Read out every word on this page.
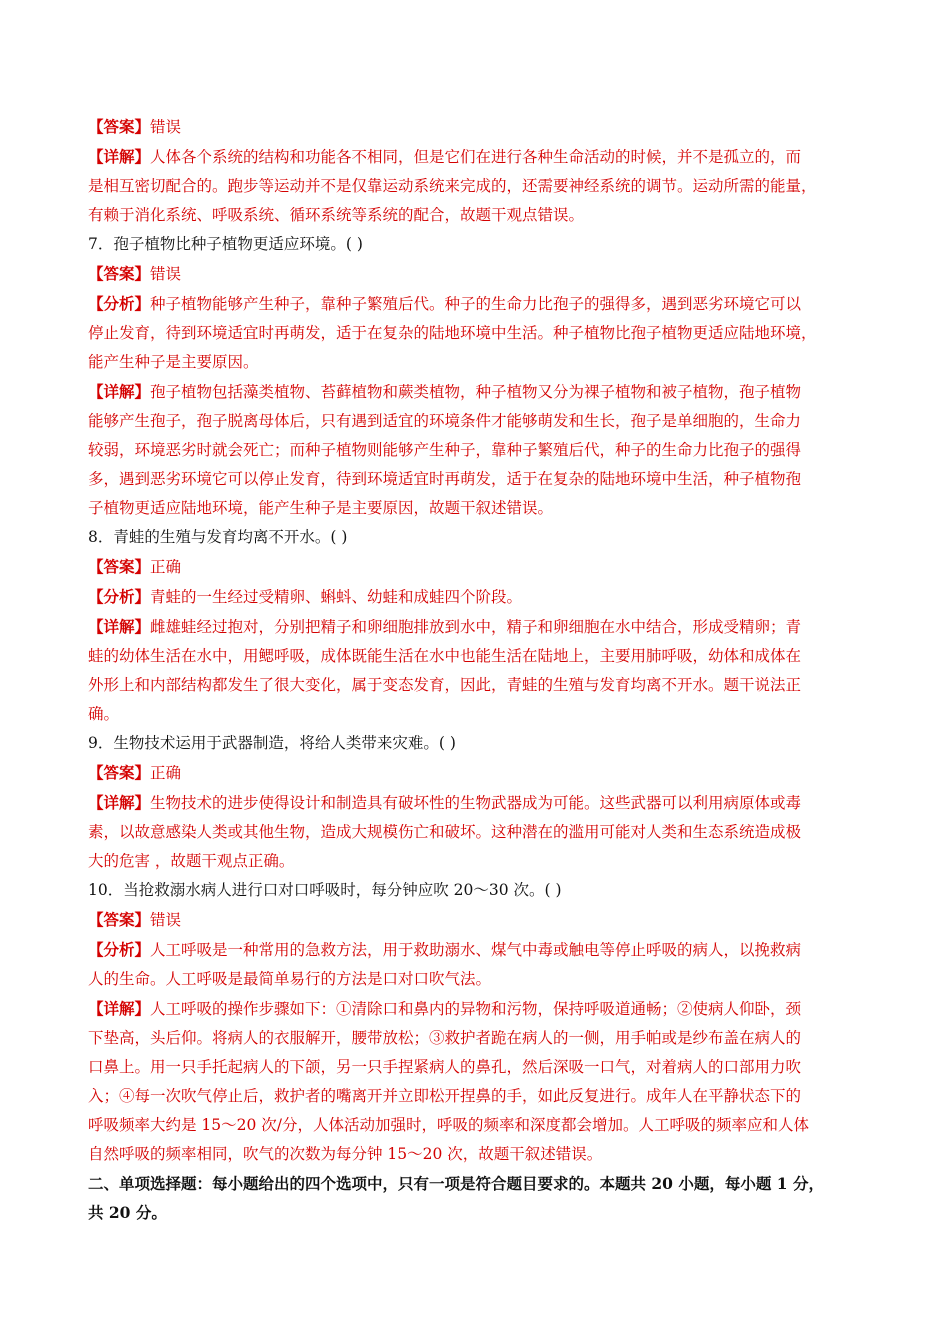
【答案】错误
【详解】人体各个系统的结构和功能各不相同，但是它们在进行各种生命活动的时候，并不是孤立的，而
是相互密切配合的。跑步等运动并不是仅靠运动系统来完成的，还需要神经系统的调节。运动所需的能量，
有赖于消化系统、呼吸系统、循环系统等系统的配合，故题干观点错误。
7．孢子植物比种子植物更适应环境。( )
【答案】错误
【分析】种子植物能够产生种子，靠种子繁殖后代。种子的生命力比孢子的强得多，遇到恶劣环境它可以
停止发育，待到环境适宜时再萌发，适于在复杂的陆地环境中生活。种子植物比孢子植物更适应陆地环境，
能产生种子是主要原因。
【详解】孢子植物包括藻类植物、苔藓植物和蕨类植物，种子植物又分为裸子植物和被子植物，孢子植物
能够产生孢子，孢子脱离母体后，只有遇到适宜的环境条件才能够萌发和生长，孢子是单细胞的，生命力
较弱，环境恶劣时就会死亡；而种子植物则能够产生种子，靠种子繁殖后代，种子的生命力比孢子的强得
多，遇到恶劣环境它可以停止发育，待到环境适宜时再萌发，适于在复杂的陆地环境中生活，种子植物孢
子植物更适应陆地环境，能产生种子是主要原因，故题干叙述错误。
8．青蛙的生殖与发育均离不开水。( )
【答案】正确
【分析】青蛙的一生经过受精卵、蝌蚪、幼蛙和成蛙四个阶段。
【详解】雌雄蛙经过抱对，分别把精子和卵细胞排放到水中，精子和卵细胞在水中结合，形成受精卵；青
蛙的幼体生活在水中，用鳃呼吸，成体既能生活在水中也能生活在陆地上，主要用肺呼吸，幼体和成体在
外形上和内部结构都发生了很大变化，属于变态发育，因此，青蛙的生殖与发育均离不开水。题干说法正
确。
9．生物技术运用于武器制造，将给人类带来灾难。( )
【答案】正确
【详解】生物技术的进步使得设计和制造具有破坏性的生物武器成为可能。这些武器可以利用病原体或毒
素，以故意感染人类或其他生物，造成大规模伤亡和破坏。这种潜在的滥用可能对人类和生态系统造成极
大的危害 ，故题干观点正确。
10．当抢救溺水病人进行口对口呼吸时，每分钟应吹 20～30 次。( )
【答案】错误
【分析】人工呼吸是一种常用的急救方法，用于救助溺水、煤气中毒或触电等停止呼吸的病人，以挽救病
人的生命。人工呼吸是最简单易行的方法是口对口吹气法。
【详解】人工呼吸的操作步骤如下：①清除口和鼻内的异物和污物，保持呼吸道通畅；②使病人仰卧，颈
下垫高，头后仰。将病人的衣服解开，腰带放松；③救护者跪在病人的一侧，用手帕或是纱布盖在病人的
口鼻上。用一只手托起病人的下颌，另一只手捏紧病人的鼻孔，然后深吸一口气，对着病人的口部用力吹
入；④每一次吹气停止后，救护者的嘴离开并立即松开捏鼻的手，如此反复进行。成年人在平静状态下的
呼吸频率大约是 15～20 次/分，人体活动加强时，呼吸的频率和深度都会增加。人工呼吸的频率应和人体
自然呼吸的频率相同，吹气的次数为每分钟 15～20 次，故题干叙述错误。
二、单项选择题：每小题给出的四个选项中，只有一项是符合题目要求的。本题共 20 小题，每小题 1 分，
共 20 分。
